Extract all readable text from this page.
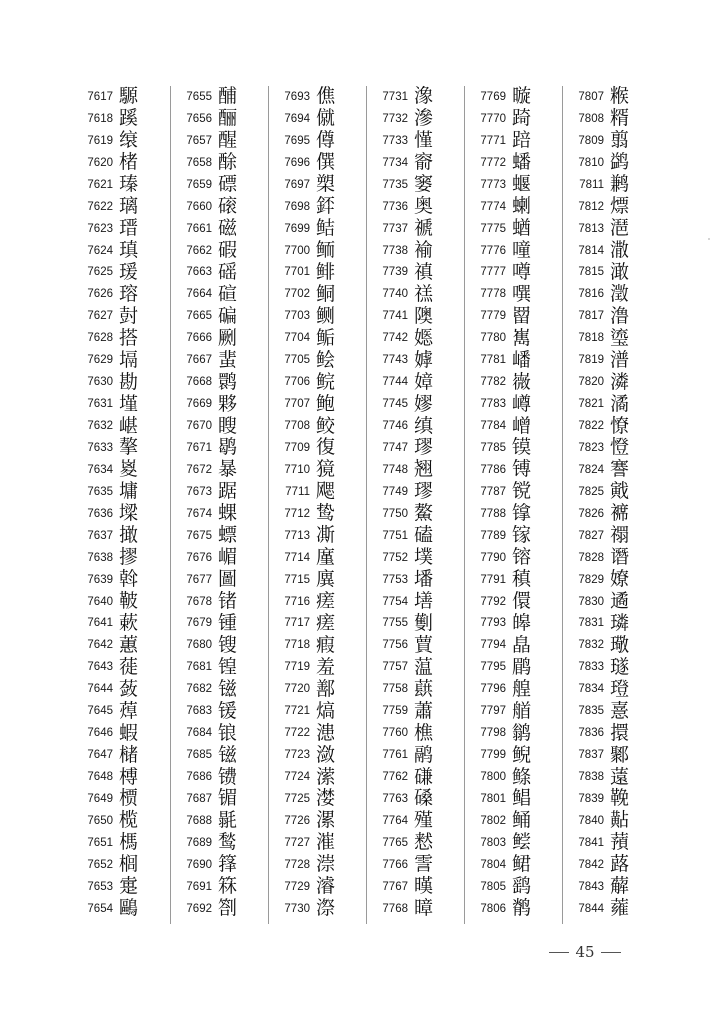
7617 騵
7618 蹊
7619 缞
7620 楮
7621 瑧
7622 璃
7623 瑨
7624 瑱
7625 瑗
7626 瑢
7627 尌
7628 搭
7629 塥
7630 勘
7631 墐
7632 嵁
7633 摮
7634 嵏
7635 墉
7636 墚
7637 撖
7638 摎
7639 斡
7640 鞁
7641 蔌
7642 蕙
7643 蓰
7644 蔹
7645 蔊
7646 蝦
7647 槠
7648 榑
7649 槚
7650 榄
7651 榪
7652 榈
7653 疐
7654 鷗
7655 酺
7656 酾
7657 醒
7658 酴
7659 磦
7660 磙
7661 磁
7662 碬
7663 磘
7664 碹
7665 碥
7666 劂
7667 蜚
7668 鹮
7669 夥
7670 瞍
7671 鹖
7672 暴
7673 踞
7674 蜾
7675 螵
7676 嵋
7677 圖
7678 锗
7679 锺
7680 锼
7681 锽
7682 镃
7683 锾
7684 锒
7685 镃
7686 镄
7687 镅
7688 毾
7689 鹙
7690 箨
7691 箖
7692 劄
7693 僬
7694 僦
7695 僔
7696 僎
7697 槊
7698 銔
7699 鲒
7700 鲕
7701 鲱
7702 鲖
7703 鲗
7704 鲘
7705 鲙
7706 鲩
7707 鲍
7708 鲛
7709 復
7710 獍
7711 飔
7712 鸷
7713 凘
7714 廑
7715 廙
7716 瘥
7717 瘥
7718 瘕
7719 羞
7720 鄯
7721 熇
7722 漶
7723 潋
7724 潆
7725 漤
7726 漯
7727 漼
7728 漴
7729 濬
7730 漈
7731 潒
7732 滲
7733 慬
7734 窬
7735 窭
7736 奥
7737 禠
7738 褕
7739 禛
7740 禚
7741 隩
7742 嫕
7743 嫭
7744 嫜
7745 嫪
7746 缜
7747 璆
7748 翘
7749 璆
7750 鰲
7751 磕
7752 墣
7753 墦
7754 墡
7755 劐
7756 蕒
7757 蕰
7758 蕻
7759 蕭
7760 樵
7761 鹝
7762 磏
7763 磉
7764 殣
7765 慭
7766 霅
7767 暵
7768 暲
7769 暶
7770 踦
7771 踣
7772 蟠
7773 蝘
7774 蝲
7775 蝤
7776 噇
7777 噂
7778 噀
7779 罶
7780 嶲
7781 嶓
7782 嶶
7783 嶟
7784 嶒
7785 镆
7786 镈
7787 镋
7788 镎
7789 镓
7790 镕
7791 稹
7792 儇
7793 皞
7794 皛
7795 鹛
7796 艎
7797 艏
7798 鹟
7799 鲵
7800 鲦
7801 鲳
7802 鲬
7803 鲿
7804 鲪
7805 鹞
7806 鹡
7807 糇
7808 糈
7809 翦
7810 鹢
7811 鹣
7812 熛
7813 潖
7814 潵
7815 澉
7816 澂
7817 澛
7818 瑬
7819 潽
7820 潾
7821 潏
7822 憭
7823 憕
7824 謇
7825 戭
7826 褯
7827 禤
7828 谮
7829 嫽
7830 遹
7831 璘
7832 璥
7833 璲
7834 璒
7835 憙
7836 擐
7837 鄹
7838 薳
7839 鞔
7840 黇
7841 蕷
7842 蕗
7843 薢
7844 蕹
45
